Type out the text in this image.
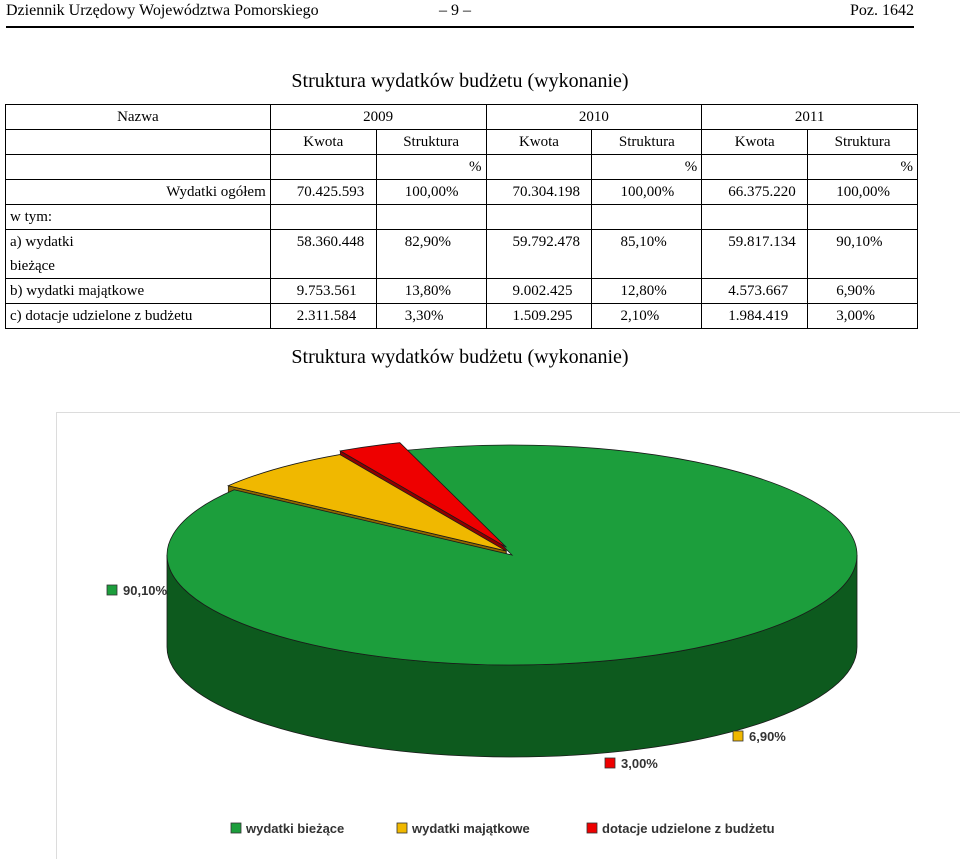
Dziennik Urzędowy Województwa Pomorskiego	– 9 –	Poz. 1642
Struktura wydatków budżetu (wykonanie)
Nazwa	2009		2010		2011	
	Kwota	Struktura	Kwota	Struktura	Kwota	Struktura
		%		%		%
Wydatki ogółem	70.425.593	100,00%	70.304.198	100,00%	66.375.220	100,00%
w tym:						
a) wydatki	58.360.448	82,90%	59.792.478	85,10%	59.817.134	90,10%
bieżące						
b) wydatki majątkowe	9.753.561	13,80%	9.002.425	12,80%	4.573.667	6,90%
c) dotacje udzielone z budżetu	2.311.584	3,30%	1.509.295	2,10%	1.984.419	3,00%
Struktura wydatków budżetu (wykonanie)
90,10%
6,90%
3,00%
wydatki bieżące	wydatki majątkowe	dotacje udzielone z budżetu
